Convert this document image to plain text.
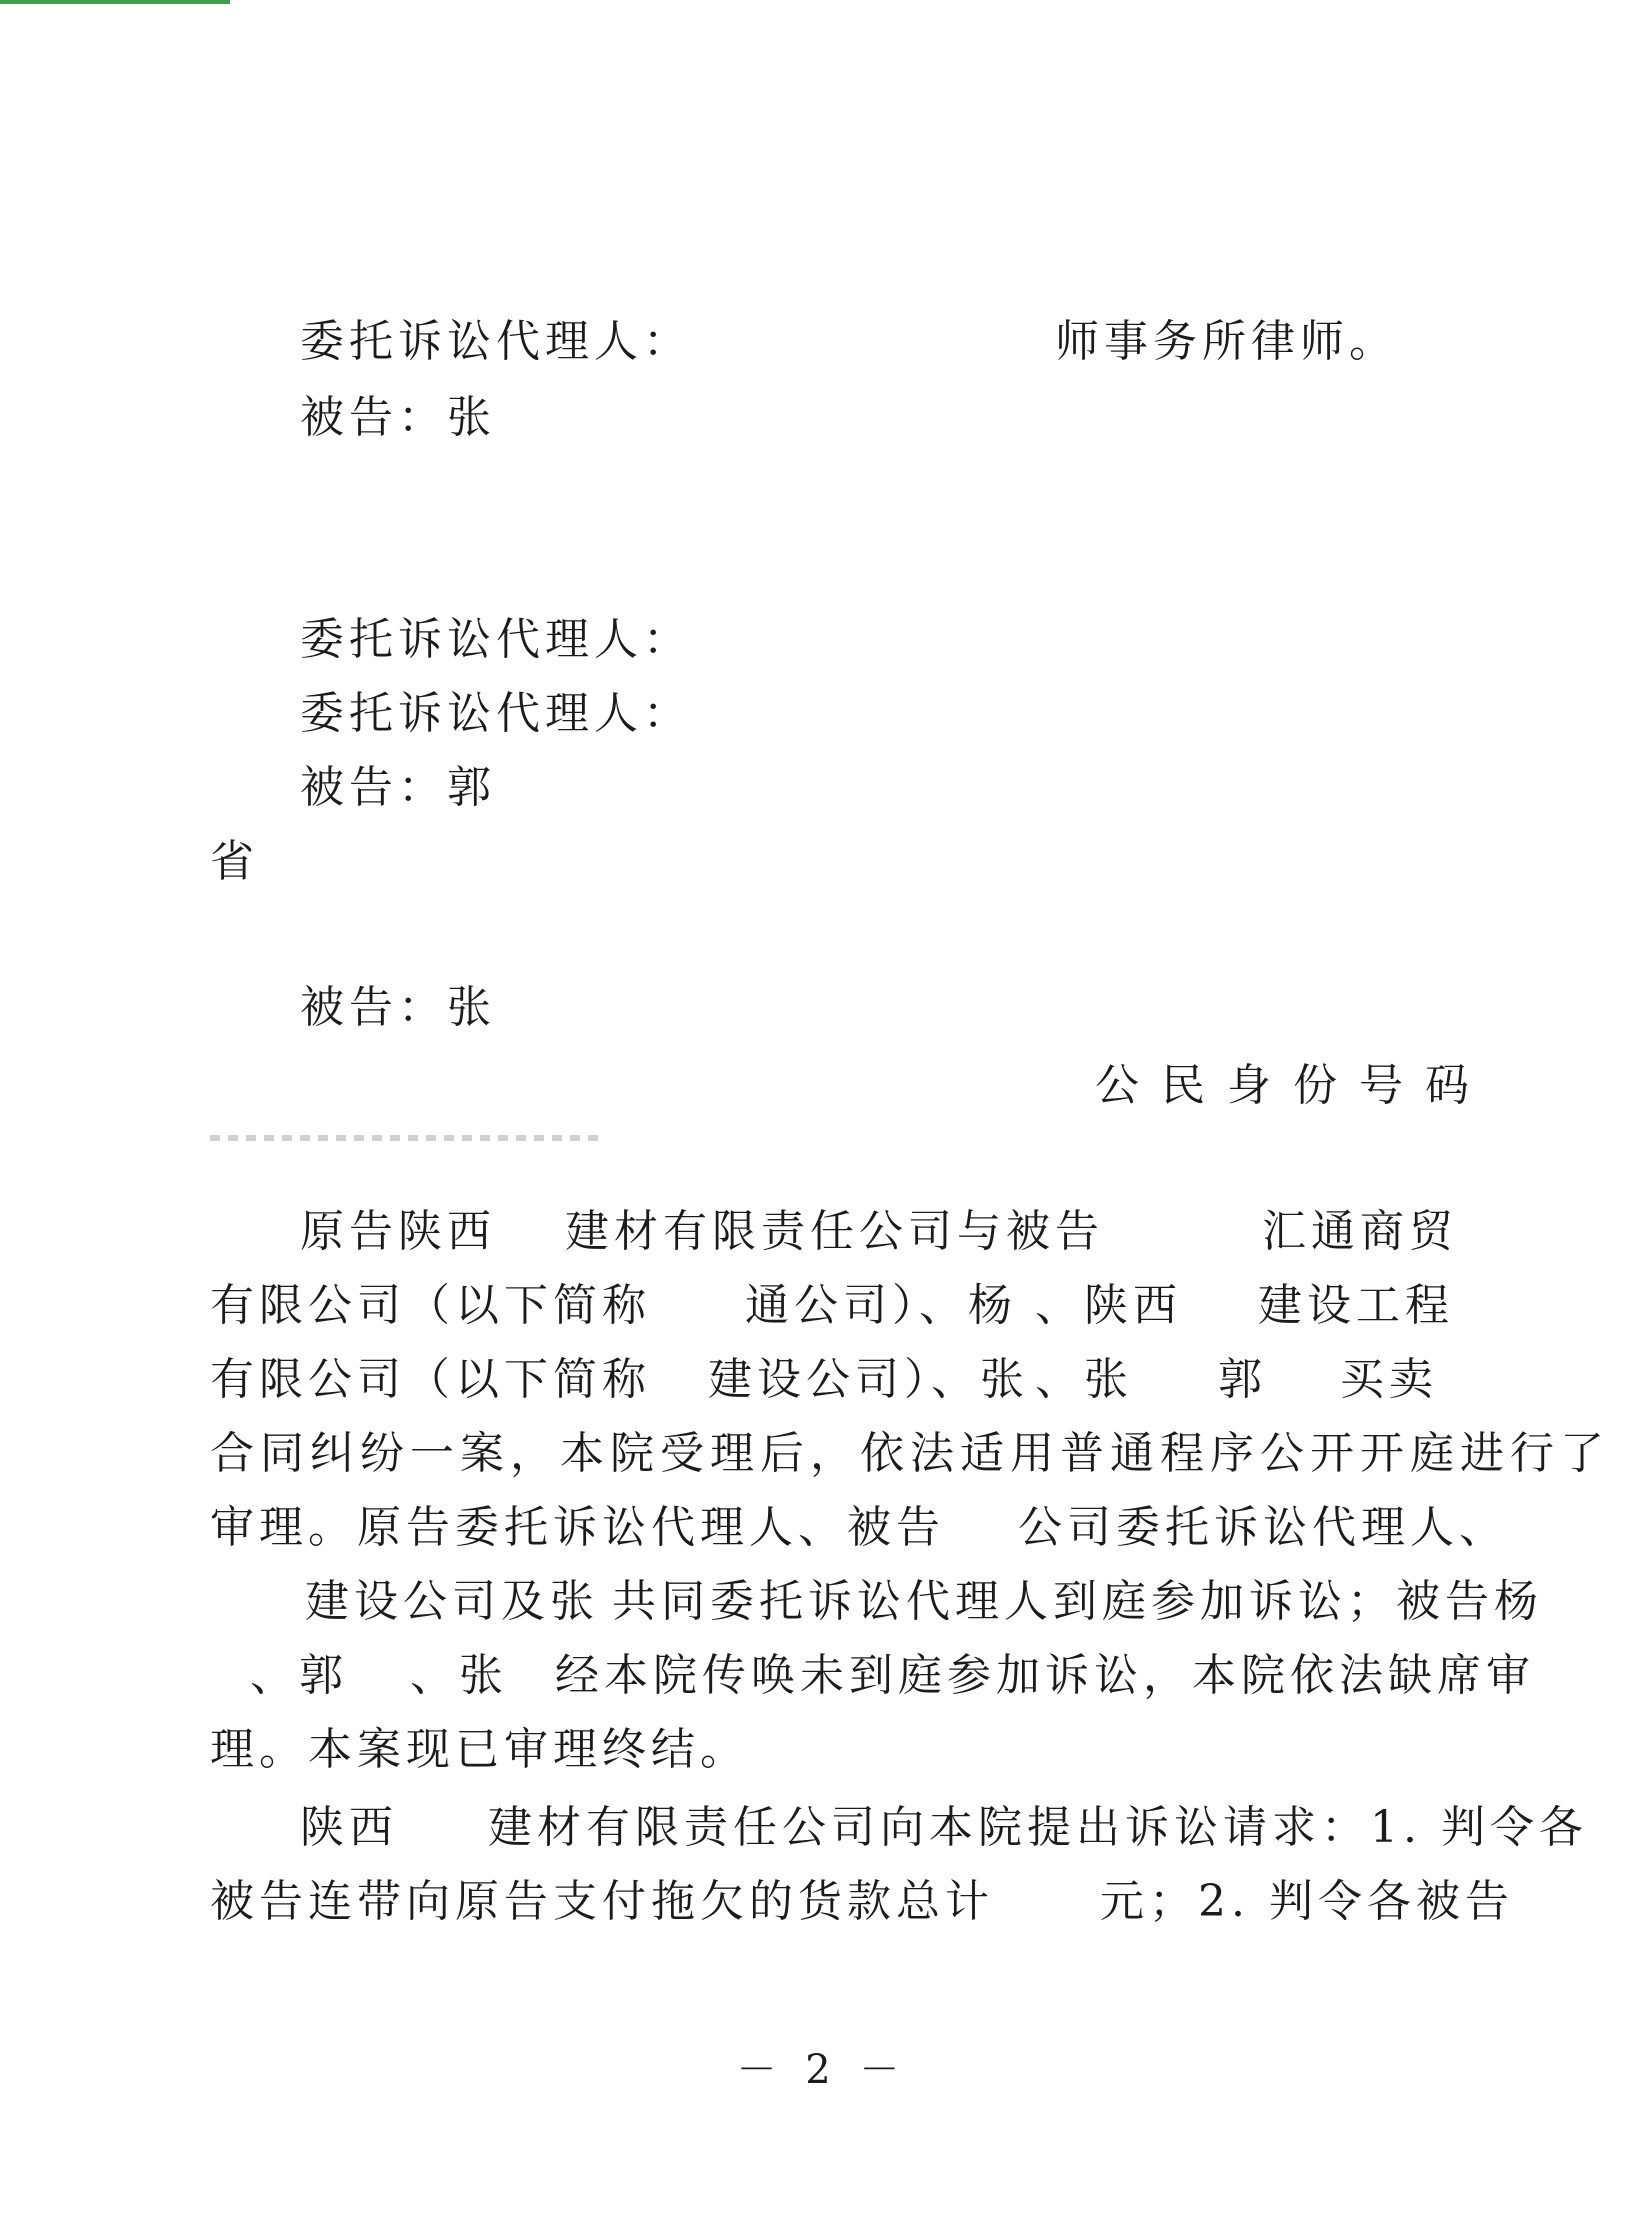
委托诉讼代理人：	师事务所律师。
被告：张
委托诉讼代理人：
委托诉讼代理人：
被告：郭
省
被告：张
公民身份号码
原告陕西 建材有限责任公司与被告	汇通商贸
有限公司（以下简称 通公司）、杨 、陕西 建设工程
有限公司（以下简称 建设公司）、张 、张 郭 买卖
合同纠纷一案，本院受理后，依法适用普通程序公开开庭进行了
审理。原告委托诉讼代理人、被告 公司委托诉讼代理人、
建设公司及张 共同委托诉讼代理人到庭参加诉讼；被告杨
、郭 、张 经本院传唤未到庭参加诉讼，本院依法缺席审
理。本案现已审理终结。
陕西 建材有限责任公司向本院提出诉讼请求：1. 判令各
被告连带向原告支付拖欠的货款总计 元；2. 判令各被告
－ 2 －
